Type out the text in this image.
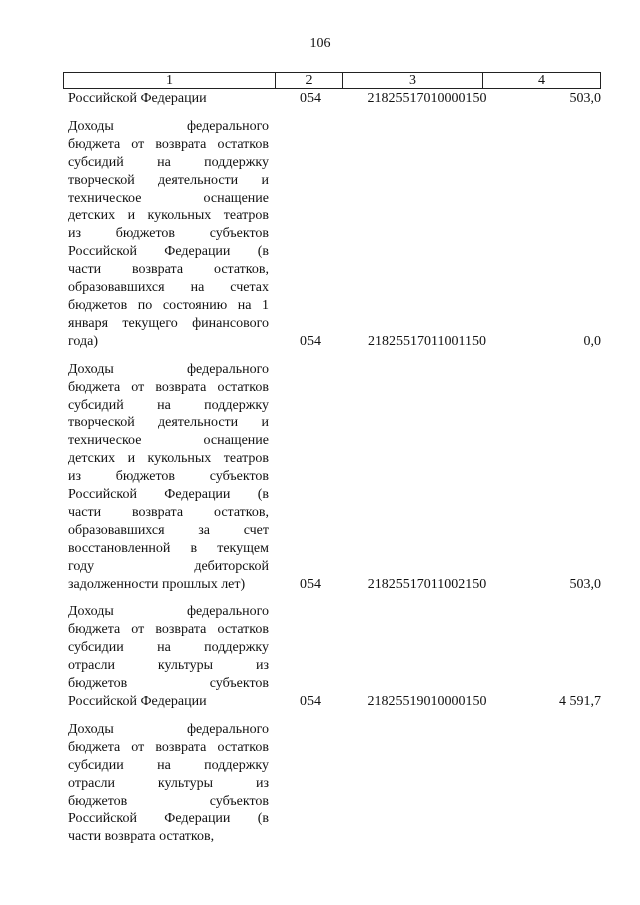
106
1	2	3	4
Российской Федерации	054	21825517010000150	503,0
Доходы федерального
бюджета от возврата остатков
субсидий на поддержку
творческой деятельности и
техническое оснащение
детских и кукольных театров
из бюджетов субъектов
Российской Федерации (в
части возврата остатков,
образовавшихся на счетах
бюджетов по состоянию на 1
января текущего финансового
года)	054	21825517011001150	0,0
Доходы федерального
бюджета от возврата остатков
субсидий на поддержку
творческой деятельности и
техническое оснащение
детских и кукольных театров
из бюджетов субъектов
Российской Федерации (в
части возврата остатков,
образовавшихся за счет
восстановленной в текущем
году дебиторской
задолженности прошлых лет)	054	21825517011002150	503,0
Доходы федерального
бюджета от возврата остатков
субсидии на поддержку
отрасли культуры из
бюджетов субъектов
Российской Федерации	054	21825519010000150	4 591,7
Доходы федерального
бюджета от возврата остатков
субсидии на поддержку
отрасли культуры из
бюджетов субъектов
Российской Федерации (в
части возврата остатков,
